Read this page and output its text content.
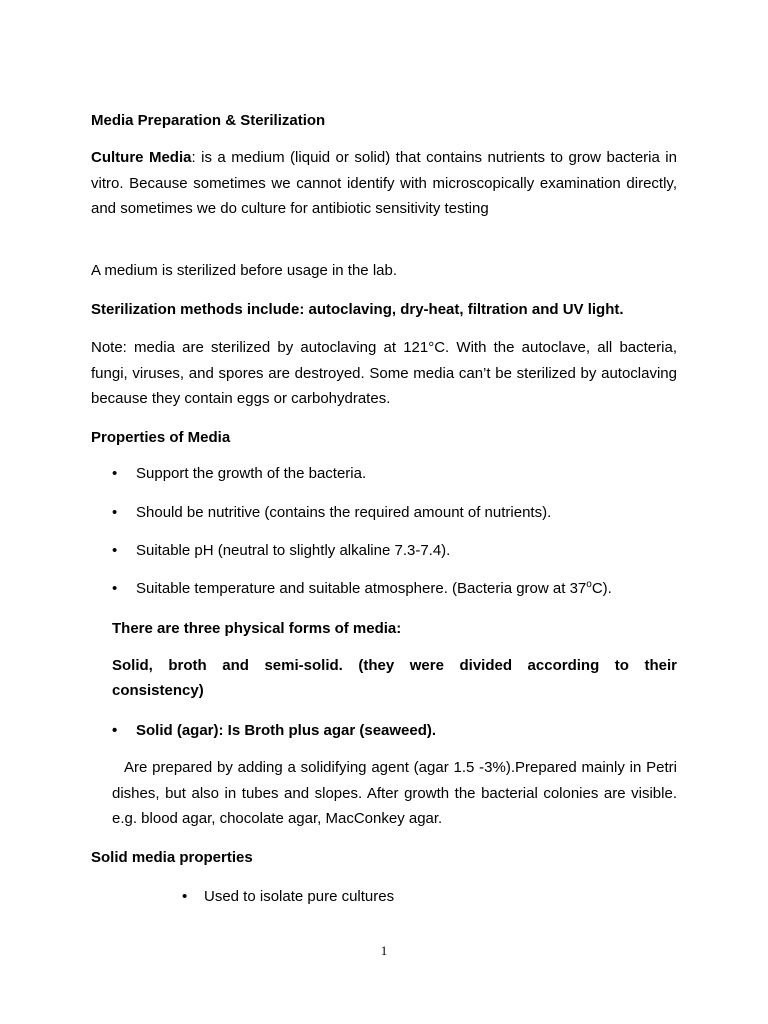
Media Preparation & Sterilization

Culture Media: is a medium (liquid or solid) that contains nutrients to grow bacteria in vitro. Because sometimes we cannot identify with microscopically examination directly, and sometimes we do culture for antibiotic sensitivity testing

A medium is sterilized before usage in the lab.

Sterilization methods include: autoclaving, dry-heat, filtration and UV light.

Note: media are sterilized by autoclaving at 121°C. With the autoclave, all bacteria, fungi, viruses, and spores are destroyed. Some media can’t be sterilized by autoclaving because they contain eggs or carbohydrates.

Properties of Media

• Support the growth of the bacteria.

• Should be nutritive (contains the required amount of nutrients).

• Suitable pH (neutral to slightly alkaline 7.3-7.4).

• Suitable temperature and suitable atmosphere. (Bacteria grow at 37$^o$C).

There are three physical forms of media:

Solid, broth and semi-solid. (they were divided according to their

consistency)

• Solid (agar): Is Broth plus agar (seaweed).

Are prepared by adding a solidifying agent (agar 1.5 -3%).Prepared mainly in Petri dishes, but also in tubes and slopes. After growth the bacterial colonies are visible. e.g. blood agar, chocolate agar, MacConkey agar.

Solid media properties

• Used to isolate pure cultures

1
